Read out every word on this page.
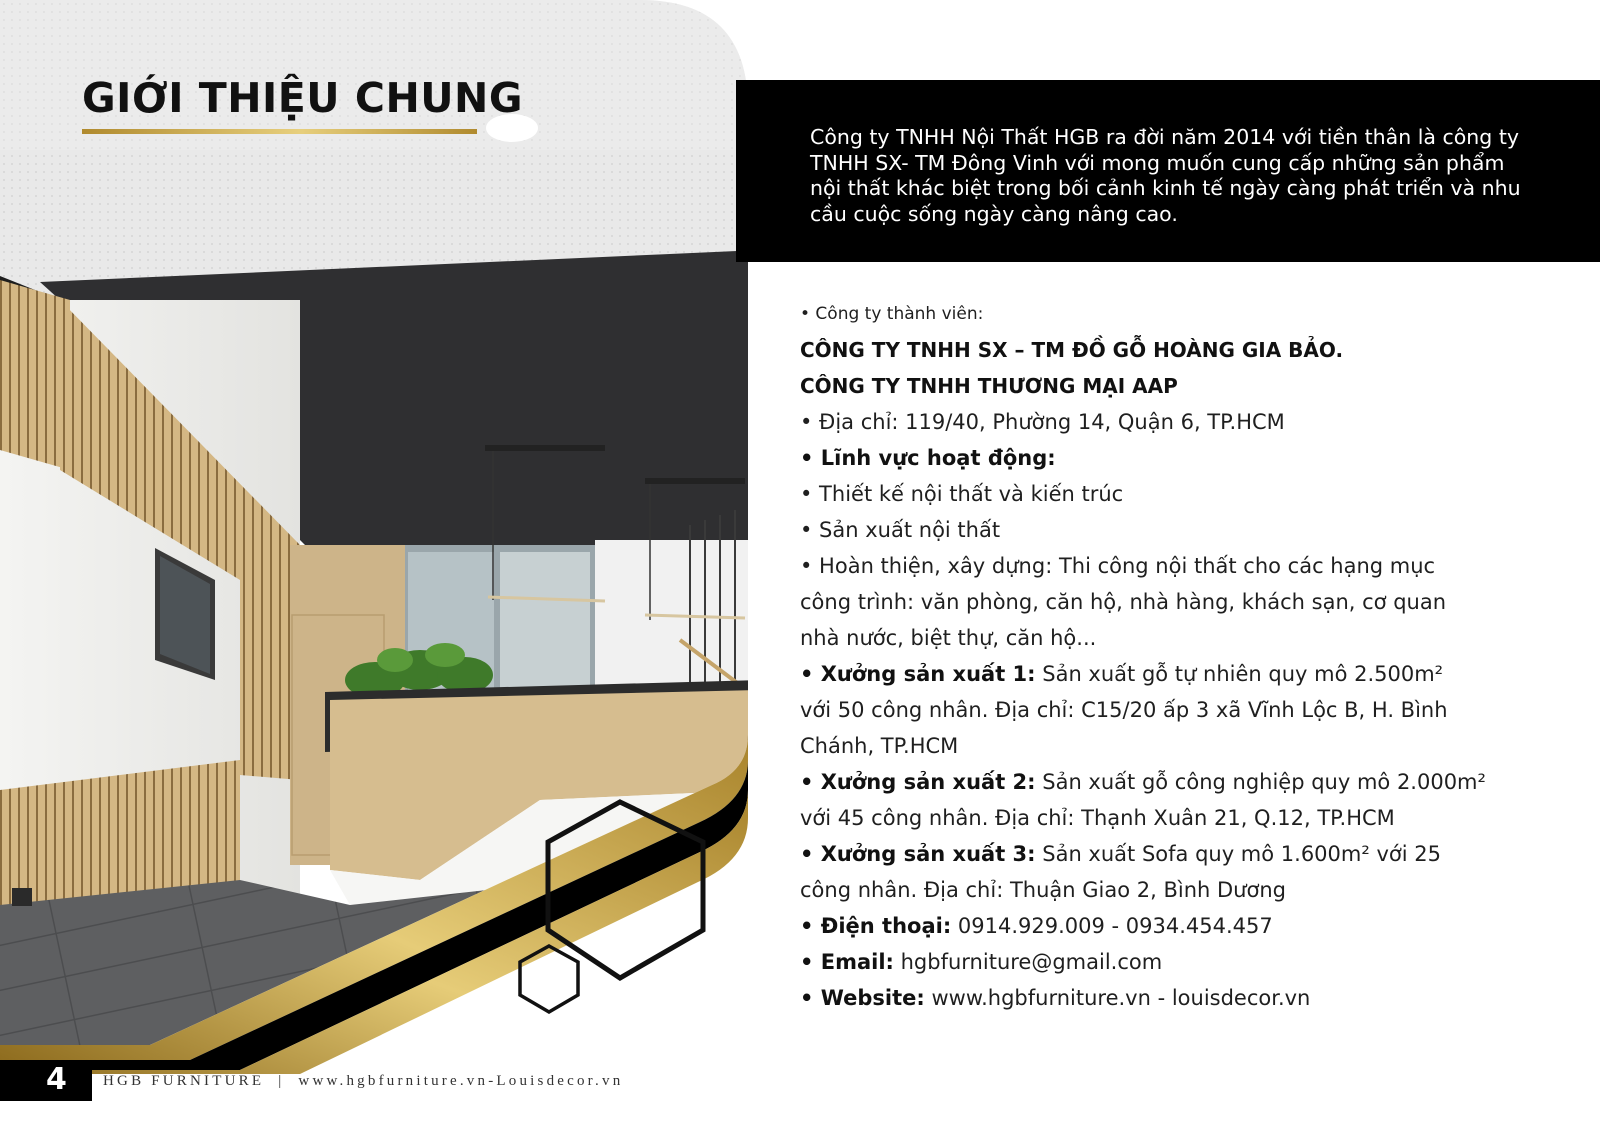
GIỚI THIỆU CHUNG

Công ty TNHH Nội Thất HGB ra đời năm 2014 với tiền thân là công ty TNHH SX- TM Đông Vinh với mong muốn cung cấp những sản phẩm nội thất khác biệt trong bối cảnh kinh tế ngày càng phát triển và nhu cầu cuộc sống ngày càng nâng cao.

• Công ty thành viên:
CÔNG TY TNHH SX – TM ĐỒ GỖ HOÀNG GIA BẢO.
CÔNG TY TNHH THƯƠNG MẠI AAP
• Địa chỉ: 119/40, Phường 14, Quận 6, TP.HCM
• Lĩnh vực hoạt động:
• Thiết kế nội thất và kiến trúc
• Sản xuất nội thất
• Hoàn thiện, xây dựng: Thi công nội thất cho các hạng mục
công trình: văn phòng, căn hộ, nhà hàng, khách sạn, cơ quan
nhà nước, biệt thự, căn hộ...
• Xưởng sản xuất 1: Sản xuất gỗ tự nhiên quy mô 2.500m²
với 50 công nhân. Địa chỉ: C15/20 ấp 3 xã Vĩnh Lộc B, H. Bình
Chánh, TP.HCM
• Xưởng sản xuất 2: Sản xuất gỗ công nghiệp quy mô 2.000m²
với 45 công nhân. Địa chỉ: Thạnh Xuân 21, Q.12, TP.HCM
• Xưởng sản xuất 3: Sản xuất Sofa quy mô 1.600m² với 25
công nhân. Địa chỉ: Thuận Giao 2, Bình Dương
• Điện thoại: 0914.929.009 - 0934.454.457
• Email: hgbfurniture@gmail.com
• Website: www.hgbfurniture.vn - louisdecor.vn
4 HGB FURNITURE | www.hgbfurniture.vn-Louisdecor.vn
